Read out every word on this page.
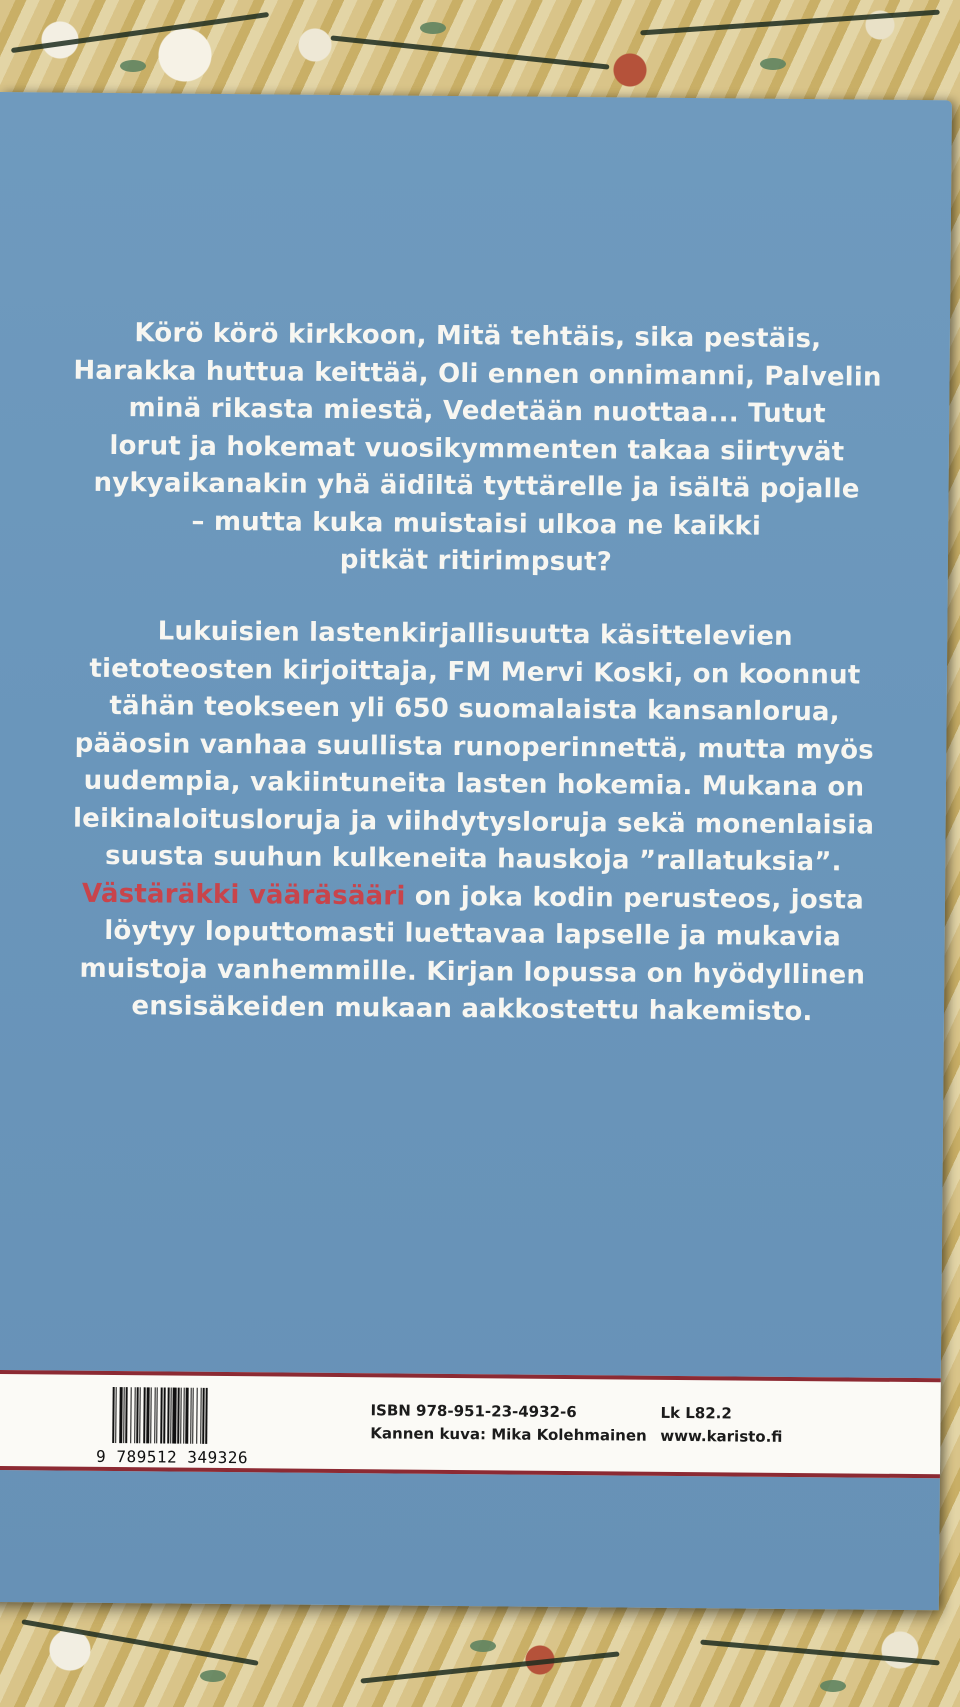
Körö körö kirkkoon, Mitä tehtäis, sika pestäis,
Harakka huttua keittää, Oli ennen onnimanni, Palvelin
minä rikasta miestä, Vedetään nuottaa... Tutut
lorut ja hokemat vuosikymmenten takaa siirtyvät
nykyaikanakin yhä äidiltä tyttärelle ja isältä pojalle
– mutta kuka muistaisi ulkoa ne kaikki
pitkät ritirimpsut?

Lukuisien lastenkirjallisuutta käsittelevien
tietoteosten kirjoittaja, FM Mervi Koski, on koonnut
tähän teokseen yli 650 suomalaista kansanlorua,
pääosin vanhaa suullista runoperinnettä, mutta myös
uudempia, vakiintuneita lasten hokemia. Mukana on
leikinaloitusloruja ja viihdytysloruja sekä monenlaisia
suusta suuhun kulkeneita hauskoja ”rallatuksia”.
Västäräkki vääräsääri on joka kodin perusteos, josta
löytyy loputtomasti luettavaa lapselle ja mukavia
muistoja vanhemmille. Kirjan lopussa on hyödyllinen
ensisäkeiden mukaan aakkostettu hakemisto.

9 789512 349326
ISBN 978-951-23-4932-6
Kannen kuva: Mika Kolehmainen
Lk L82.2
www.karisto.fi
